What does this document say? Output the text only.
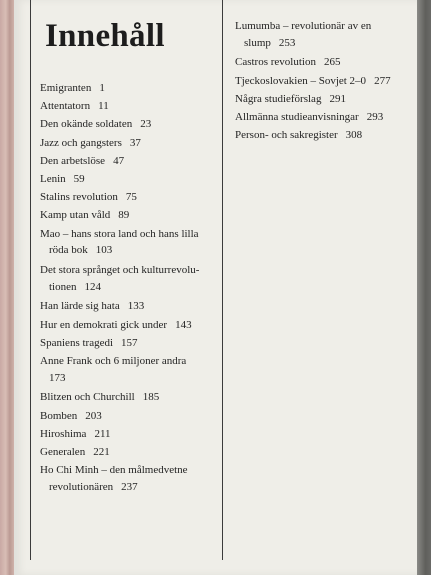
Innehåll
Emigranten 1
Attentatorn 11
Den okände soldaten 23
Jazz och gangsters 37
Den arbetslöse 47
Lenin 59
Stalins revolution 75
Kamp utan våld 89
Mao – hans stora land och hans lilla
röda bok 103
Det stora språnget och kulturrevolu-
tionen 124
Han lärde sig hata 133
Hur en demokrati gick under 143
Spaniens tragedi 157
Anne Frank och 6 miljoner andra
173
Blitzen och Churchill 185
Bomben 203
Hiroshima 211
Generalen 221
Ho Chi Minh – den målmedvetne
revolutionären 237
Lumumba – revolutionär av en
slump 253
Castros revolution 265
Tjeckoslovakien – Sovjet 2–0 277
Några studieförslag 291
Allmänna studieanvisningar 293
Person- och sakregister 308
